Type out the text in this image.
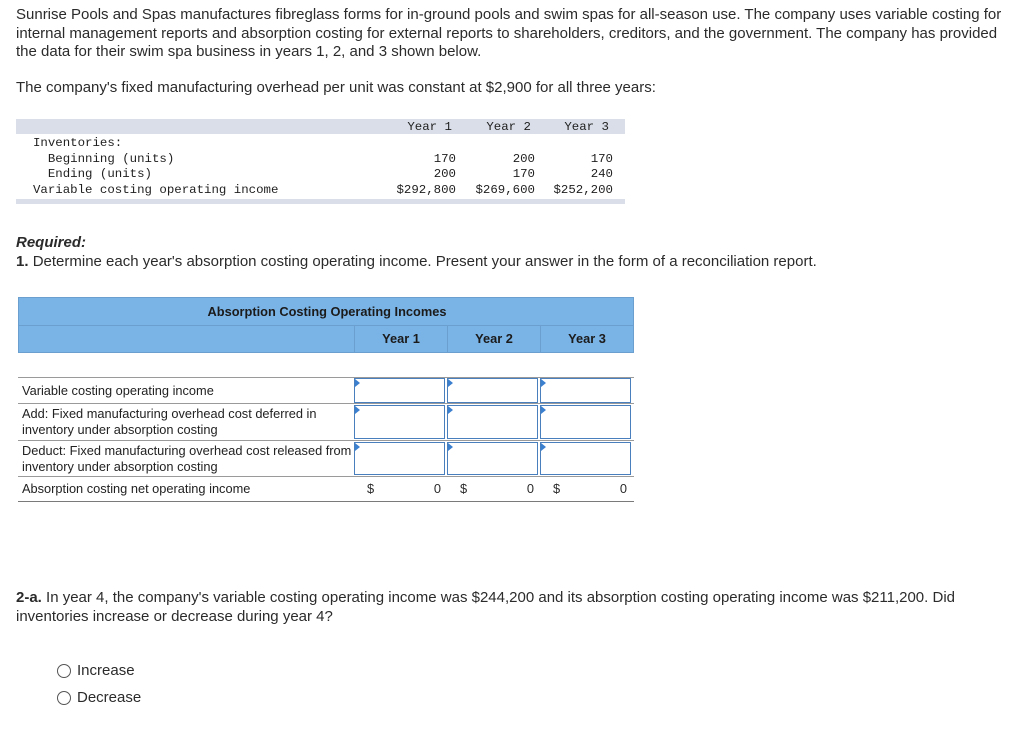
Sunrise Pools and Spas manufactures fibreglass forms for in-ground pools and swim spas for all-season use. The company uses variable costing for internal management reports and absorption costing for external reports to shareholders, creditors, and the government. The company has provided the data for their swim spa business in years 1, 2, and 3 shown below.
The company's fixed manufacturing overhead per unit was constant at $2,900 for all three years:
Year 1	Year 2	Year 3
Inventories:
Beginning (units)	170	200	170
Ending (units)	200	170	240
Variable costing operating income	$292,800	$269,600	$252,200
Required:
1. Determine each year's absorption costing operating income. Present your answer in the form of a reconciliation report.
Absorption Costing Operating Incomes
Year 1	Year 2	Year 3
Variable costing operating income
Add: Fixed manufacturing overhead cost deferred in inventory under absorption costing
Deduct: Fixed manufacturing overhead cost released from inventory under absorption costing
Absorption costing net operating income	$	0 $	0 $	0
2-a. In year 4, the company's variable costing operating income was $244,200 and its absorption costing operating income was $211,200. Did inventories increase or decrease during year 4?
Increase
Decrease
